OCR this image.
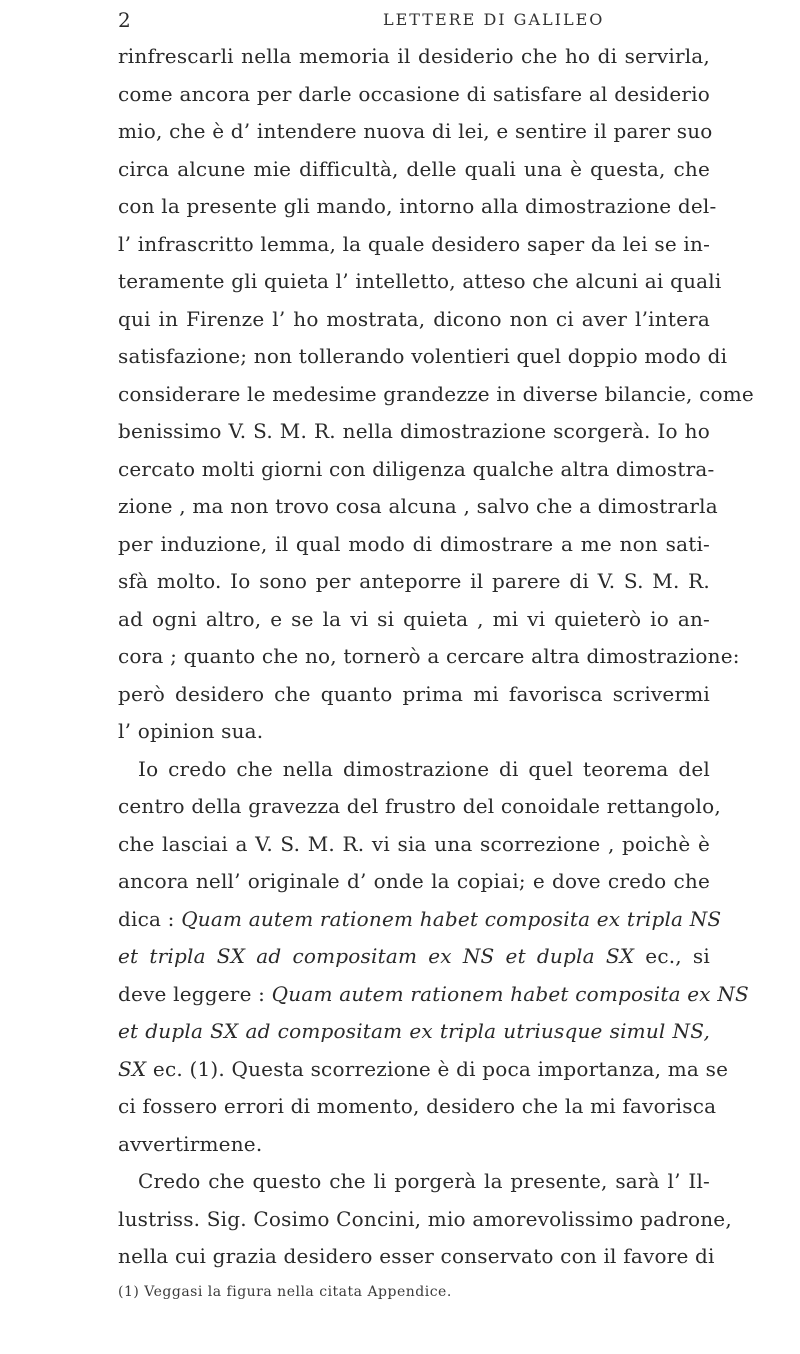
2	LETTERE DI GALILEO
rinfrescarli nella memoria il desiderio che ho di servirla,
come ancora per darle occasione di satisfare al desiderio
mio, che è d’ intendere nuova di lei, e sentire il parer suo
circa alcune mie difficultà, delle quali una è questa, che
con la presente gli mando, intorno alla dimostrazione del-
l’ infrascritto lemma, la quale desidero saper da lei se in-
teramente gli quieta l’ intelletto, atteso che alcuni ai quali
qui in Firenze l’ ho mostrata, dicono non ci aver l’intera
satisfazione; non tollerando volentieri quel doppio modo di
considerare le medesime grandezze in diverse bilancie, come
benissimo V. S. M. R. nella dimostrazione scorgerà. Io ho
cercato molti giorni con diligenza qualche altra dimostra-
zione , ma non trovo cosa alcuna , salvo che a dimostrarla
per induzione, il qual modo di dimostrare a me non sati-
sfà molto. Io sono per anteporre il parere di V. S. M. R.
ad ogni altro, e se la vi si quieta , mi vi quieterò io an-
cora ; quanto che no, tornerò a cercare altra dimostrazione:
però desidero che quanto prima mi favorisca scrivermi
l’ opinion sua.
Io credo che nella dimostrazione di quel teorema del
centro della gravezza del frustro del conoidale rettangolo,
che lasciai a V. S. M. R. vi sia una scorrezione , poichè è
ancora nell’ originale d’ onde la copiai; e dove credo che
dica : Quam autem rationem habet composita ex tripla NS
et tripla SX ad compositam ex NS et dupla SX ec., si
deve leggere : Quam autem rationem habet composita ex NS
et dupla SX ad compositam ex tripla utriusque simul NS,
SX ec. (1). Questa scorrezione è di poca importanza, ma se
ci fossero errori di momento, desidero che la mi favorisca
avvertirmene.
Credo che questo che li porgerà la presente, sarà l’ Il-
lustriss. Sig. Cosimo Concini, mio amorevolissimo padrone,
nella cui grazia desidero esser conservato con il favore di
(1) Veggasi la figura nella citata Appendice.
